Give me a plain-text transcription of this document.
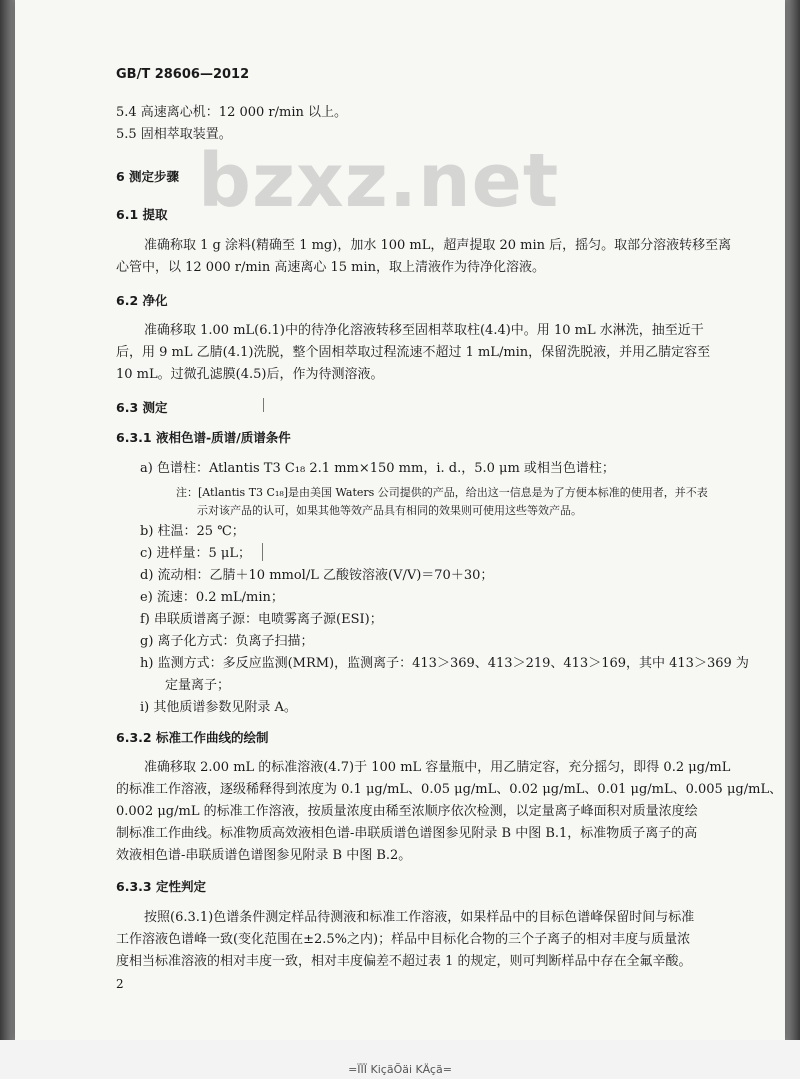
bzxz.net
GB/T 28606—2012
5.4 高速离心机：12 000 r/min 以上。
5.5 固相萃取装置。
6 测定步骤
6.1 提取
准确称取 1 g 涂料(精确至 1 mg)，加水 100 mL，超声提取 20 min 后，摇匀。取部分溶液转移至离
心管中，以 12 000 r/min 高速离心 15 min，取上清液作为待净化溶液。
6.2 净化
准确移取 1.00 mL(6.1)中的待净化溶液转移至固相萃取柱(4.4)中。用 10 mL 水淋洗，抽至近干
后，用 9 mL 乙腈(4.1)洗脱，整个固相萃取过程流速不超过 1 mL/min，保留洗脱液，并用乙腈定容至
10 mL。过微孔滤膜(4.5)后，作为待测溶液。
6.3 测定
6.3.1 液相色谱-质谱/质谱条件
a) 色谱柱：Atlantis T3 C₁₈ 2.1 mm×150 mm，i. d.，5.0 μm 或相当色谱柱；
注：[Atlantis T3 C₁₈]是由美国 Waters 公司提供的产品，给出这一信息是为了方便本标准的使用者，并不表
示对该产品的认可，如果其他等效产品具有相同的效果则可使用这些等效产品。
b) 柱温：25 ℃；
c) 进样量：5 μL；
d) 流动相：乙腈＋10 mmol/L 乙酸铵溶液(V/V)＝70＋30；
e) 流速：0.2 mL/min；
f) 串联质谱离子源：电喷雾离子源(ESI)；
g) 离子化方式：负离子扫描；
h) 监测方式：多反应监测(MRM)，监测离子：413＞369、413＞219、413＞169，其中 413＞369 为
定量离子；
i) 其他质谱参数见附录 A。
6.3.2 标准工作曲线的绘制
准确移取 2.00 mL 的标准溶液(4.7)于 100 mL 容量瓶中，用乙腈定容，充分摇匀，即得 0.2 μg/mL
的标准工作溶液，逐级稀释得到浓度为 0.1 μg/mL、0.05 μg/mL、0.02 μg/mL、0.01 μg/mL、0.005 μg/mL、
0.002 μg/mL 的标准工作溶液，按质量浓度由稀至浓顺序依次检测，以定量离子峰面积对质量浓度绘
制标准工作曲线。标准物质高效液相色谱-串联质谱色谱图参见附录 B 中图 B.1，标准物质子离子的高
效液相色谱-串联质谱色谱图参见附录 B 中图 B.2。
6.3.3 定性判定
按照(6.3.1)色谱条件测定样品待测液和标准工作溶液，如果样品中的目标色谱峰保留时间与标准
工作溶液色谱峰一致(变化范围在±2.5%之内)；样品中目标化合物的三个子离子的相对丰度与质量浓
度相当标准溶液的相对丰度一致，相对丰度偏差不超过表 1 的规定，则可判断样品中存在全氟辛酸。
2
=ÏÏÏ KiçãÕäi KÄçã=
